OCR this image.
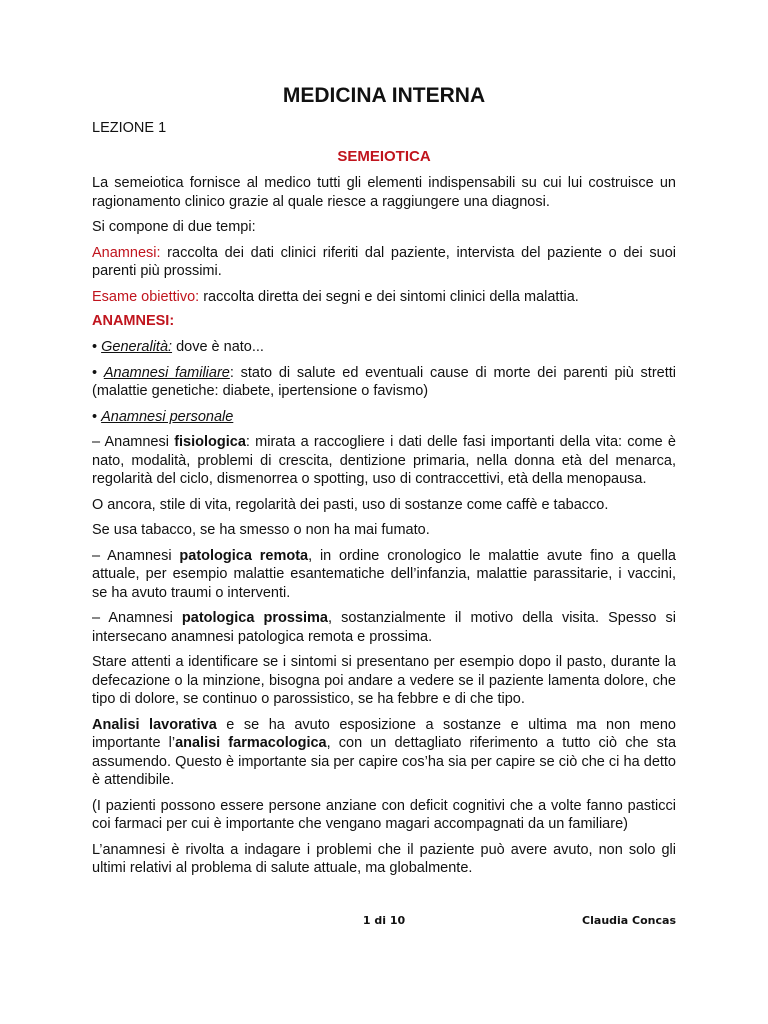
MEDICINA INTERNA
LEZIONE 1
SEMEIOTICA

La semeiotica fornisce al medico tutti gli elementi indispensabili su cui lui costruisce un ragionamento clinico grazie al quale riesce a raggiungere una diagnosi.

Si compone di due tempi:

Anamnesi: raccolta dei dati clinici riferiti dal paziente, intervista del paziente o dei suoi parenti più prossimi.

Esame obiettivo: raccolta diretta dei segni e dei sintomi clinici della malattia.

ANAMNESI:

• Generalità: dove è nato...

• Anamnesi familiare: stato di salute ed eventuali cause di morte dei parenti più stretti (malattie genetiche: diabete, ipertensione o favismo)

• Anamnesi personale

– Anamnesi fisiologica: mirata a raccogliere i dati delle fasi importanti della vita: come è nato, modalità, problemi di crescita, dentizione primaria, nella donna età del menarca, regolarità del ciclo, dismenorrea o spotting, uso di contraccettivi, età della menopausa.

O ancora, stile di vita, regolarità dei pasti, uso di sostanze come caffè e tabacco.

Se usa tabacco, se ha smesso o non ha mai fumato.

– Anamnesi patologica remota, in ordine cronologico le malattie avute fino a quella attuale, per esempio malattie esantematiche dell’infanzia, malattie parassitarie, i vaccini, se ha avuto traumi o interventi.

– Anamnesi patologica prossima, sostanzialmente il motivo della visita. Spesso si intersecano anamnesi patologica remota e prossima.

Stare attenti a identificare se i sintomi si presentano per esempio dopo il pasto, durante la defecazione o la minzione, bisogna poi andare a vedere se il paziente lamenta dolore, che tipo di dolore, se continuo o parossistico, se ha febbre e di che tipo.

Analisi lavorativa e se ha avuto esposizione a sostanze e ultima ma non meno importante l’analisi farmacologica, con un dettagliato riferimento a tutto ciò che sta assumendo. Questo è importante sia per capire cos’ha sia per capire se ciò che ci ha detto è attendibile.

(I pazienti possono essere persone anziane con deficit cognitivi che a volte fanno pasticci coi farmaci per cui è importante che vengano magari accompagnati da un familiare)

L’anamnesi è rivolta a indagare i problemi che il paziente può avere avuto, non solo gli ultimi relativi al problema di salute attuale, ma globalmente.

1 di 10	Claudia Concas
